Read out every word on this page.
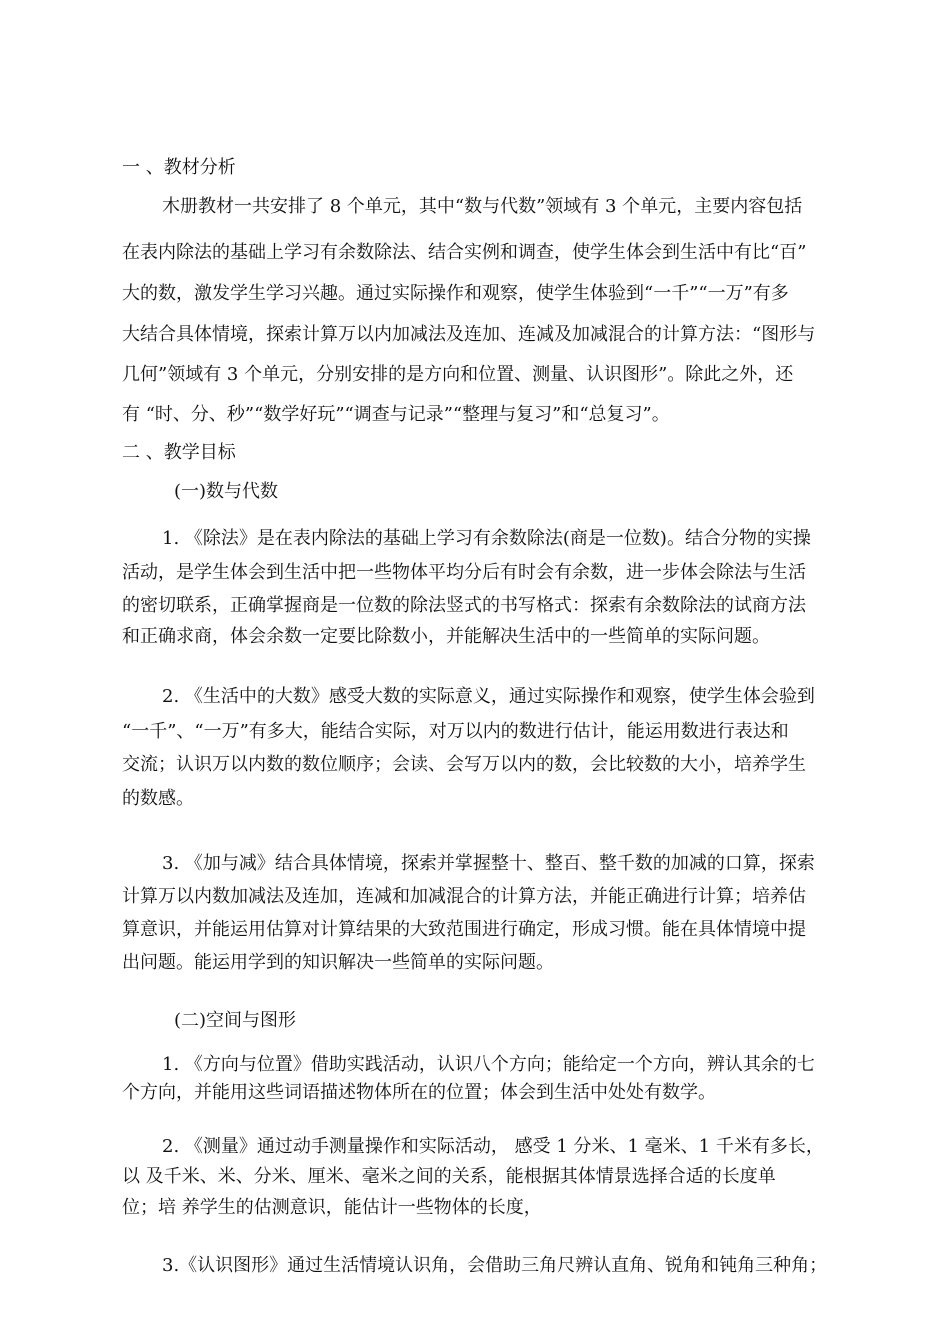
一 、教材分析

木册教材一共安排了 8 个单元，其中“数与代数”领域有 3 个单元，主要内容包括

在表内除法的基础上学习有余数除法、结合实例和调查，使学生体会到生活中有比“百”

大的数，激发学生学习兴趣。通过实际操作和观察，使学生体验到“一千”“一万”有多

大结合具体情境，探索计算万以内加减法及连加、连减及加减混合的计算方法：“图形与

几何”领域有 3 个单元，分别安排的是方向和位置、测量、认识图形”。除此之外，还

有 “时、分、秒”“数学好玩”“调查与记录”“整理与复习”和“总复习”。

二 、教学目标

(一)数与代数

1. 《除法》是在表内除法的基础上学习有余数除法(商是一位数)。结合分物的实操

活动，是学生体会到生活中把一些物体平均分后有时会有余数，进一步体会除法与生活

的密切联系，正确掌握商是一位数的除法竖式的书写格式：探索有余数除法的试商方法

和正确求商，体会余数一定要比除数小，并能解决生活中的一些简单的实际问题。

2. 《生活中的大数》感受大数的实际意义，通过实际操作和观察，使学生体会验到

“一千”、“一万”有多大，能结合实际，对万以内的数进行估计，能运用数进行表达和

交流；认识万以内数的数位顺序；会读、会写万以内的数，会比较数的大小，培养学生

的数感。

3. 《加与减》结合具体情境，探索并掌握整十、整百、整千数的加减的口算，探索

计算万以内数加减法及连加，连减和加减混合的计算方法，并能正确进行计算；培养估

算意识，并能运用估算对计算结果的大致范围进行确定，形成习惯。能在具体情境中提

出问题。能运用学到的知识解决一些简单的实际问题。

(二)空间与图形

1. 《方向与位置》借助实践活动，认识八个方向；能给定一个方向，辨认其余的七

个方向，并能用这些词语描述物体所在的位置；体会到生活中处处有数学。

2. 《测量》通过动手测量操作和实际活动， 感受 1 分米、1 毫米、1 千米有多长，

以 及千米、米、分米、厘米、毫米之间的关系，能根据其体情景选择合适的长度单

位；培 养学生的估测意识，能估计一些物体的长度，

3.《认识图形》通过生活情境认识角，会借助三角尺辨认直角、锐角和钝角三种角；
